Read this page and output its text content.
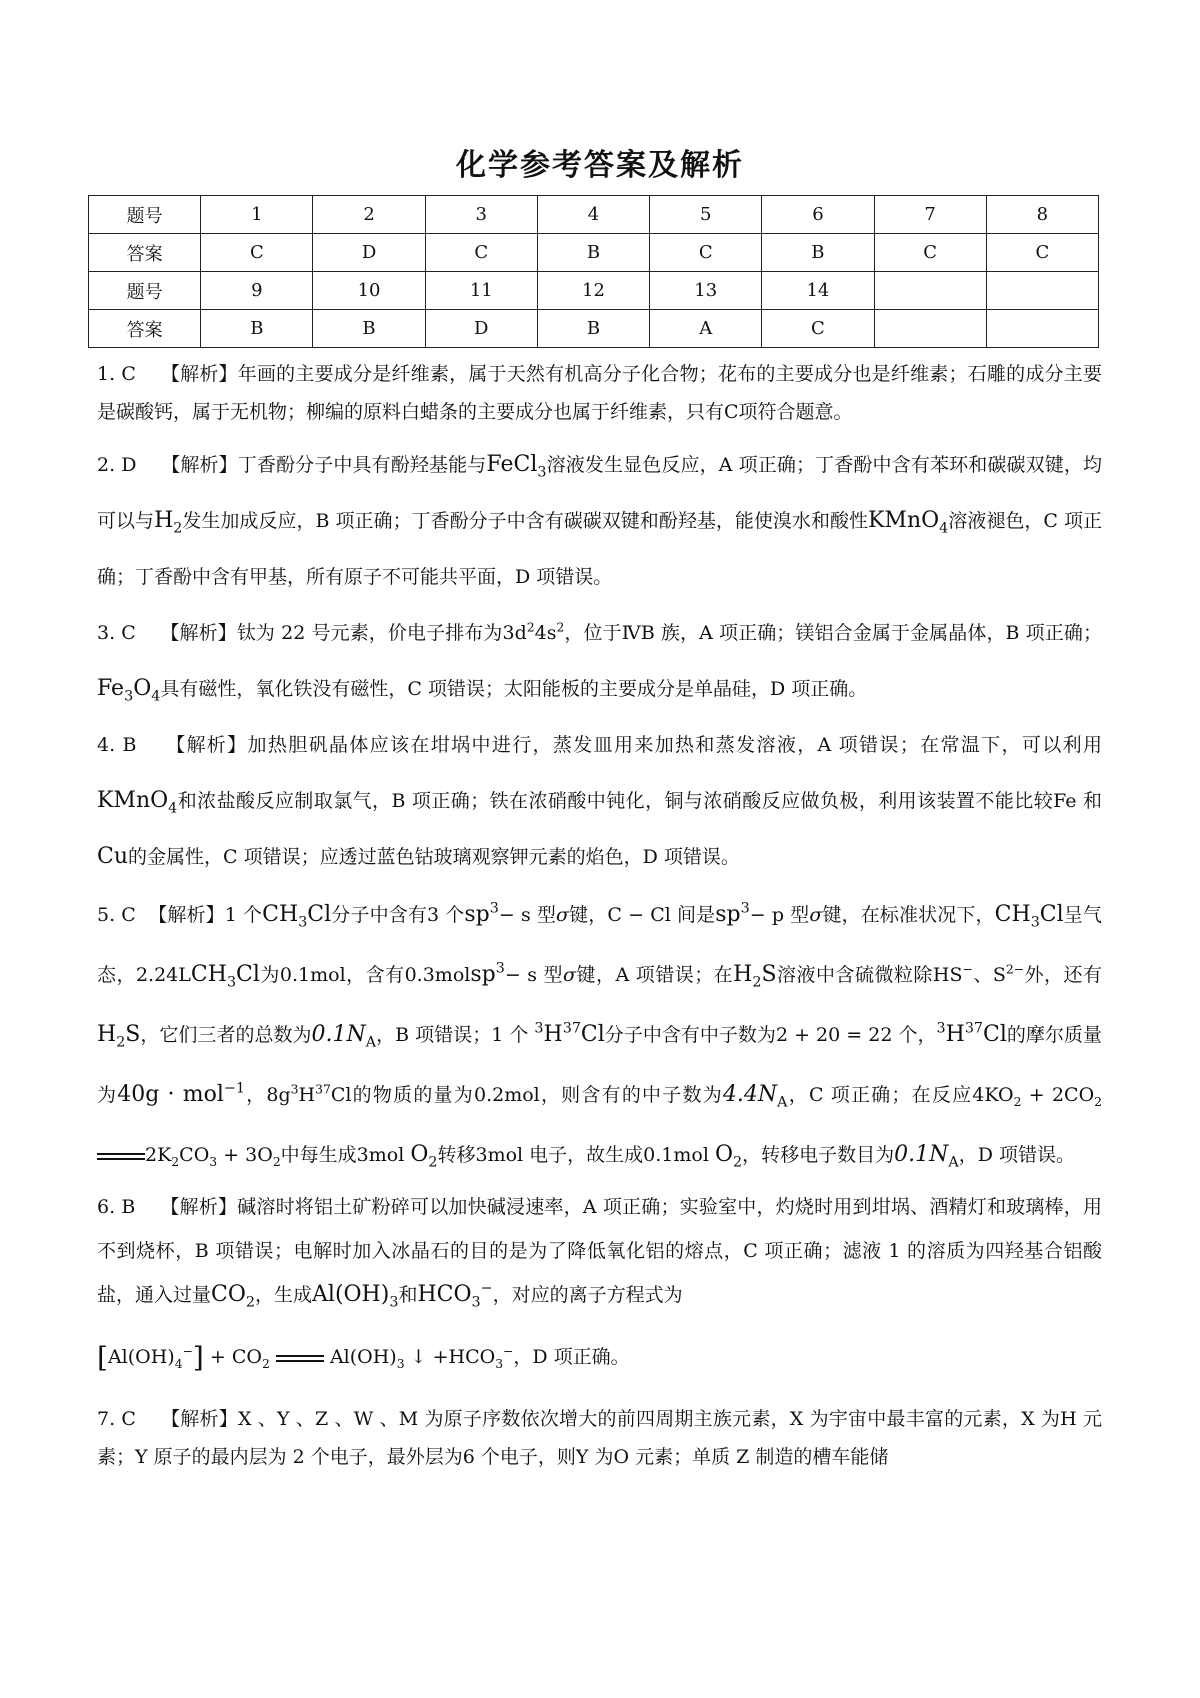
化学参考答案及解析
题号	1	2	3	4	5	6	7	8
答案	C	D	C	B	C	B	C	C
题号	9	10	11	12	13	14		
答案	B	B	D	B	A	C		

1. C 【解析】年画的主要成分是纤维素，属于天然有机高分子化合物；花布的主要成分也是纤维素；石雕的成分主要是碳酸钙，属于无机物；柳编的原料白蜡条的主要成分也属于纤维素，只有C项符合题意。

2. D 【解析】丁香酚分子中具有酚羟基能与FeCl$_3$溶液发生显色反应，A 项正确；丁香酚中含有苯环和碳碳双键，均可以与$H_2$发生加成反应，B 项正确；丁香酚分子中含有碳碳双键和酚羟基，能使溴水和酸性KMnO$_4$溶液褪色，C 项正确；丁香酚中含有甲基，所有原子不可能共平面，D 项错误。

3. C 【解析】钛为 22 号元素，价电子排布为$3d^24s^2$，位于ⅣB 族，A 项正确；镁铝合金属于金属晶体，B 项正确；$Fe_3O_4$具有磁性，氧化铁没有磁性，C 项错误；太阳能板的主要成分是单晶硅，D 项正确。

4. B 【解析】加热胆矾晶体应该在坩埚中进行，蒸发皿用来加热和蒸发溶液，A 项错误；在常温下，可以利用KMnO$_4$和浓盐酸反应制取氯气，B 项正确；铁在浓硝酸中钝化，铜与浓硝酸反应做负极，利用该装置不能比较Fe 和Cu的金属性，C 项错误；应透过蓝色钴玻璃观察钾元素的焰色，D 项错误。

5. C 【解析】1 个$CH_3Cl$分子中含有3 个$sp^3- s$ 型σ键，C − Cl 间是$sp^3- p$ 型σ键，在标准状况下，$CH_3Cl$呈气态，$2.24LCH_3Cl$为0.1mol，含有0.3molsp$^3$− s 型σ键，A 项错误；在$H_2S$溶液中含硫微粒除HS−、$S^{2-}$外，还有$H_2S$，它们三者的总数为$0.1N_A$，B 项错误；1 个 $^3H^{37}Cl$分子中含有中子数为2 + 20 = 22 个，$^3H^{37}Cl$的摩尔质量为40g · mol$^{-1}$，$8g^3H^{37}Cl$的物质的量为0.2mol，则含有的中子数为$4.4N_A$，C 项正确；在反应$4KO_2 + 2CO_22K_2CO_3 + 3O_2$中每生成3mol $O_2$转移3mol 电子，故生成0.1mol $O_2$，转移电子数目为$0.1N_A$，D 项错误。

6. B 【解析】碱溶时将铝土矿粉碎可以加快碱浸速率，A 项正确；实验室中，灼烧时用到坩埚、酒精灯和玻璃棒，用不到烧杯，B 项错误；电解时加入冰晶石的目的是为了降低氧化铝的熔点，C 项正确；滤液 1 的溶质为四羟基合铝酸盐，通入过量$CO_2$，生成$Al(OH)_3$和$HCO_3^-$，对应的离子方程式为
$[Al(OH)_4^-] + CO_2$	$Al(OH)_3$ ↓ $+HCO_3^-$，D 项正确。

7. C 【解析】X 、Y 、Z 、W 、M 为原子序数依次增大的前四周期主族元素，X 为宇宙中最丰富的元素，X 为H 元素；Y 原子的最内层为 2 个电子，最外层为6 个电子，则Y 为O 元素；单质 Z 制造的槽车能储
